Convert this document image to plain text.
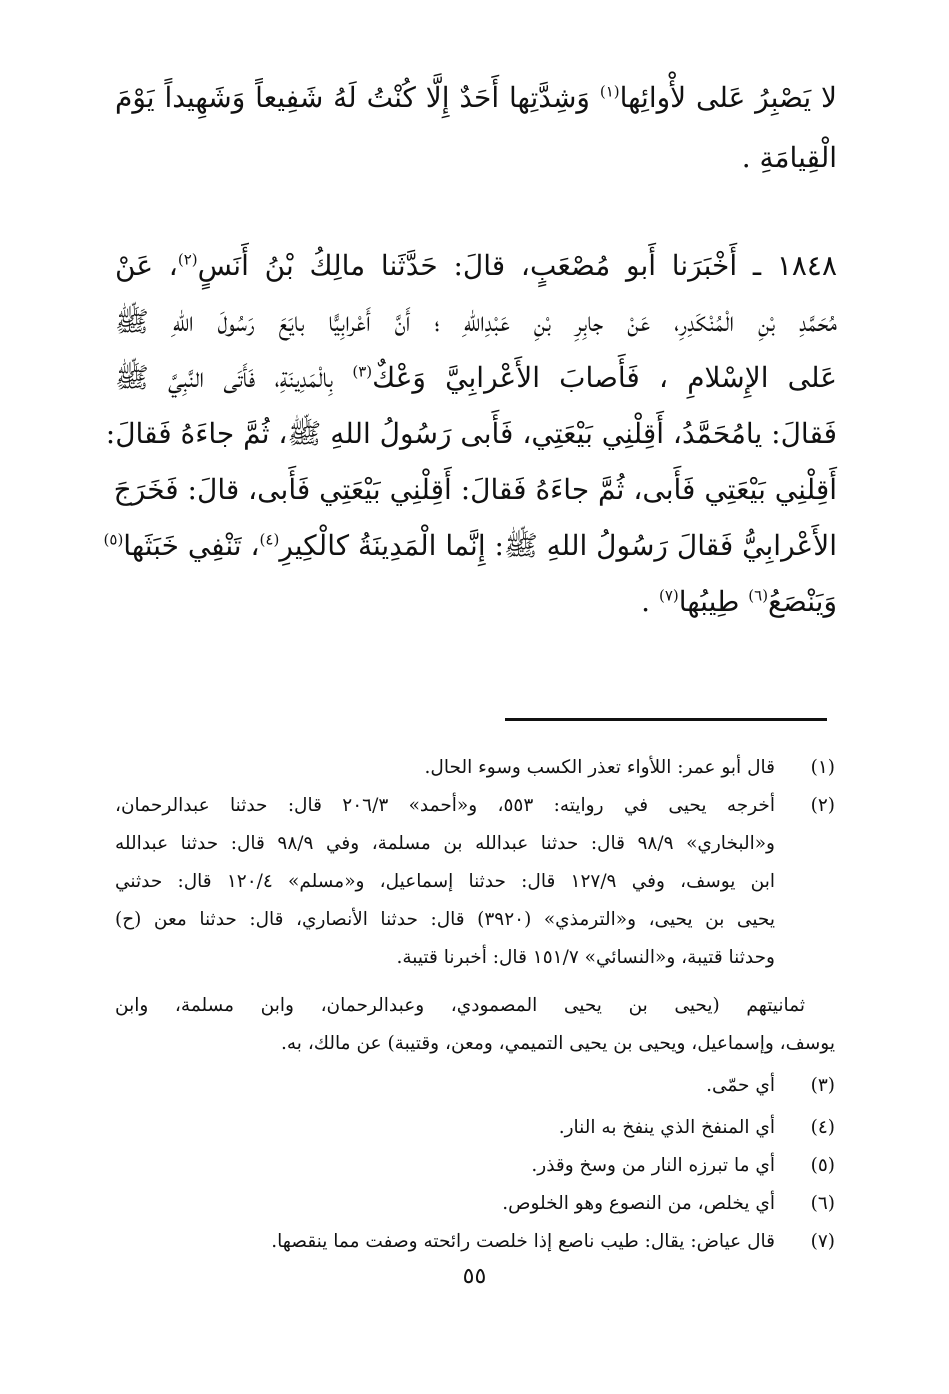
لا يَصْبِرُ عَلى لأْوائِها$^{(١)}$ وَشِدَّتِها أَحَدٌ إِلَّا كُنْتُ لَهُ شَفِيعاً وَشَهِيداً يَوْمَ
الْقِيامَةِ .
١٨٤٨ ـ أَخْبَرَنا أَبو مُصْعَبٍ، قالَ: حَدَّثَنا مالِكُ بْنُ أَنَسٍ$^{(٢)}$، عَنْ
مُحَمَّدِ بْنِ الْمُنْكَدِرِ، عَنْ جابِرِ بْنِ عَبْدِاللهِ ؛ أَنَّ أَعْرابِيًّا بايَعَ رَسُولَ اللهِ ﷺ
عَلى الإِسْلامِ ، فَأَصابَ الأَعْرابِيَّ وَعْكٌ$^{(٣)}$ بِالْمَدِينَةِ، فَأَتَى النَّبِيَّ ﷺ
فَقالَ: يامُحَمَّدُ، أَقِلْنِي بَيْعَتِي، فَأَبى رَسُولُ اللهِ ﷺ، ثُمَّ جاءَهُ فَقالَ:
أَقِلْنِي بَيْعَتِي فَأَبى، ثُمَّ جاءَهُ فَقالَ: أَقِلْنِي بَيْعَتِي فَأَبى، قالَ: فَخَرَجَ
الأَعْرابِيُّ فَقالَ رَسُولُ اللهِ ﷺ: إِنَّما الْمَدِينَةُ كالْكِيرِ$^{(٤)}$، تَنْفِي خَبَثَها$^{(٥)}$
وَيَنْصَعُ$^{(٦)}$ طِيبُها$^{(٧)}$ .
(١)
قال أبو عمر: اللأواء تعذر الكسب وسوء الحال.
(٢)
أخرجه يحيى في روايته: ٥٥٣، و«أحمد» ٢٠٦/٣ قال: حدثنا عبدالرحمان،
و«البخاري» ٩٨/٩ قال: حدثنا عبدالله بن مسلمة، وفي ٩٨/٩ قال: حدثنا عبدالله
ابن يوسف، وفي ١٢٧/٩ قال: حدثنا إسماعيل، و«مسلم» ١٢٠/٤ قال: حدثني
يحيى بن يحيى، و«الترمذي» (٣٩٢٠) قال: حدثنا الأنصاري، قال: حدثنا معن (ح)
وحدثنا قتيبة، و«النسائي» ١٥١/٧ قال: أخبرنا قتيبة.
ثمانيتهم (يحيى بن يحيى المصمودي، وعبدالرحمان، وابن مسلمة، وابن
يوسف، وإسماعيل، ويحيى بن يحيى التميمي، ومعن، وقتيبة) عن مالك، به.
(٣)
أي حمّى.
(٤)
أي المنفخ الذي ينفخ به النار.
(٥)
أي ما تبرزه النار من وسخ وقذر.
(٦)
أي يخلص، من النصوع وهو الخلوص.
(٧)
قال عياض: يقال: طيب ناصع إذا خلصت رائحته وصفت مما ينقصها.
٥٥
